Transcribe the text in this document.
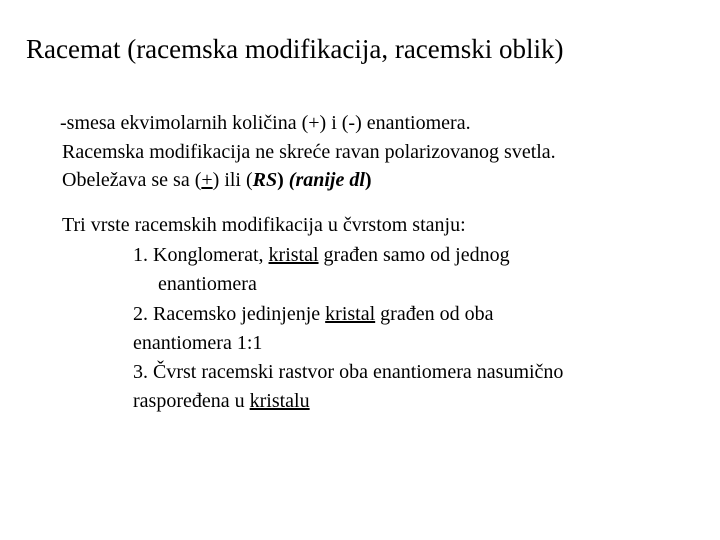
Racemat (racemska modifikacija, racemski oblik)
-smesa ekvimolarnih količina (+) i (-) enantiomera.
Racemska modifikacija ne skreće ravan polarizovanog svetla.
Obeležava se sa (+) ili (RS) (ranije dl)
Tri vrste racemskih modifikacija u čvrstom stanju:
1. Konglomerat, kristal građen samo od jednog
enantiomera
2. Racemsko jedinjenje kristal građen od oba
enantiomera 1:1
3. Čvrst racemski rastvor oba enantiomera nasumično
raspoređena u kristalu
